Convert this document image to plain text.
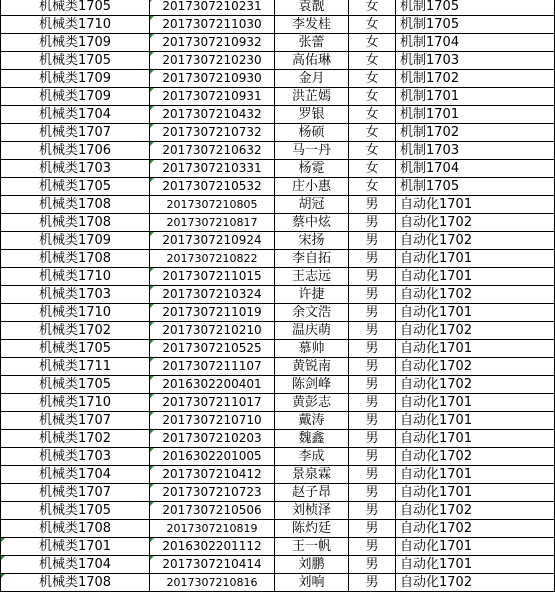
机械类1705	2017307210231	袁靓	女	机制1705
机械类1710	2017307211030	李发桂	女	机制1705
机械类1709	2017307210932	张蕾	女	机制1704
机械类1705	2017307210230	高佑琳	女	机制1703
机械类1709	2017307210930	金月	女	机制1702
机械类1709	2017307210931	洪芷嫣	女	机制1701
机械类1704	2017307210432	罗银	女	机制1701
机械类1707	2017307210732	杨硕	女	机制1702
机械类1706	2017307210632	马一丹	女	机制1703
机械类1703	2017307210331	杨霓	女	机制1704
机械类1705	2017307210532	庄小惠	女	机制1705
机械类1708	2017307210805	胡冠	男	自动化1701
机械类1708	2017307210817	蔡中炫	男	自动化1702
机械类1709	2017307210924	宋扬	男	自动化1702
机械类1708	2017307210822	李自拓	男	自动化1701
机械类1710	2017307211015	王志远	男	自动化1701
机械类1703	2017307210324	许捷	男	自动化1702
机械类1710	2017307211019	余文浩	男	自动化1701
机械类1702	2017307210210	温庆萌	男	自动化1702
机械类1705	2017307210525	慕帅	男	自动化1701
机械类1711	2017307211107	黄锐南	男	自动化1702
机械类1705	2016302200401	陈剑峰	男	自动化1702
机械类1710	2017307211017	黄彭志	男	自动化1701
机械类1707	2017307210710	戴涛	男	自动化1701
机械类1702	2017307210203	魏鑫	男	自动化1701
机械类1703	2016302201005	李成	男	自动化1702
机械类1704	2017307210412	景泉霖	男	自动化1701
机械类1707	2017307210723	赵子昂	男	自动化1701
机械类1705	2017307210506	刘桢泽	男	自动化1702
机械类1708	2017307210819	陈灼廷	男	自动化1702
机械类1701	2016302201112	王一帆	男	自动化1701
机械类1704	2017307210414	刘鹏	男	自动化1701
机械类1708	2017307210816	刘响	男	自动化1702
